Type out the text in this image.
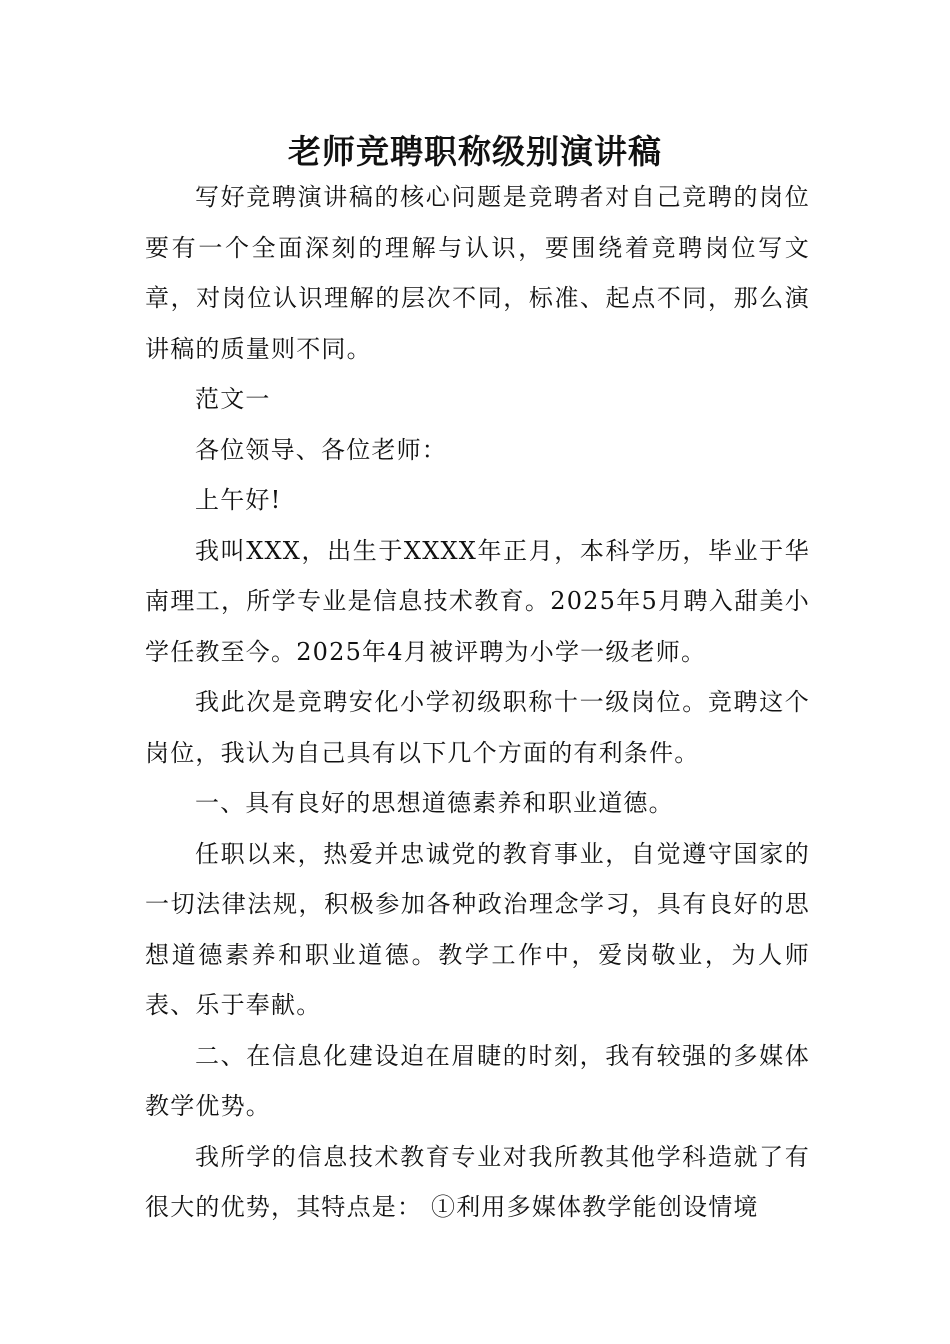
老师竞聘职称级别演讲稿

写好竞聘演讲稿的核心问题是竞聘者对自己竞聘的岗位要有一个全面深刻的理解与认识，要围绕着竞聘岗位写文章，对岗位认识理解的层次不同，标准、起点不同，那么演讲稿的质量则不同。

范文一

各位领导、各位老师：

上午好!

我叫XXX，出生于XXXX年正月，本科学历，毕业于华南理工，所学专业是信息技术教育。2025年5月聘入甜美小学任教至今。2025年4月被评聘为小学一级老师。

我此次是竞聘安化小学初级职称十一级岗位。竞聘这个岗位，我认为自己具有以下几个方面的有利条件。

一、具有良好的思想道德素养和职业道德。

任职以来，热爱并忠诚党的教育事业，自觉遵守国家的一切法律法规，积极参加各种政治理念学习，具有良好的思想道德素养和职业道德。教学工作中，爱岗敬业，为人师表、乐于奉献。

二、在信息化建设迫在眉睫的时刻，我有较强的多媒体教学优势。

我所学的信息技术教育专业对我所教其他学科造就了有很大的优势，其特点是： ①利用多媒体教学能创设情境
